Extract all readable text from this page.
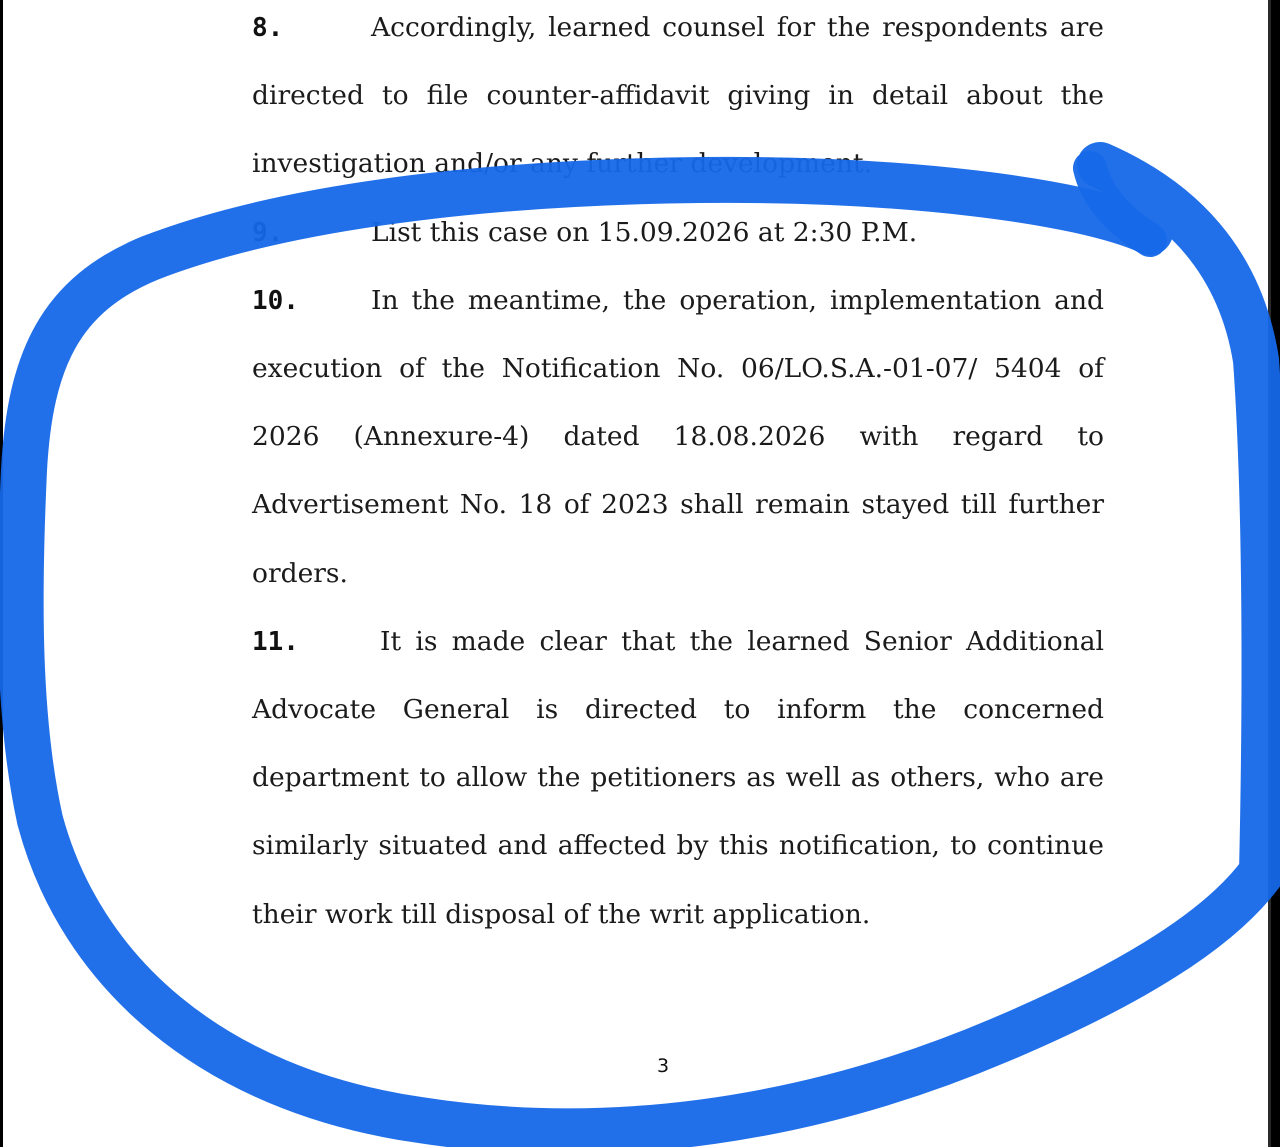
8.	Accordingly, learned counsel for the respondents are directed to file counter-affidavit giving in detail about the investigation and/or any further development.

9.	List this case on 15.09.2026 at 2:30 P.M.

10.	In the meantime, the operation, implementation and execution of the Notification No. 06/LO.S.A.-01-07/ 5404 of 2026 (Annexure-4) dated 18.08.2026 with regard to Advertisement No. 18 of 2023 shall remain stayed till further orders.

11.	It is made clear that the learned Senior Additional Advocate General is directed to inform the concerned department to allow the petitioners as well as others, who are similarly situated and affected by this notification, to continue their work till disposal of the writ application.

3
